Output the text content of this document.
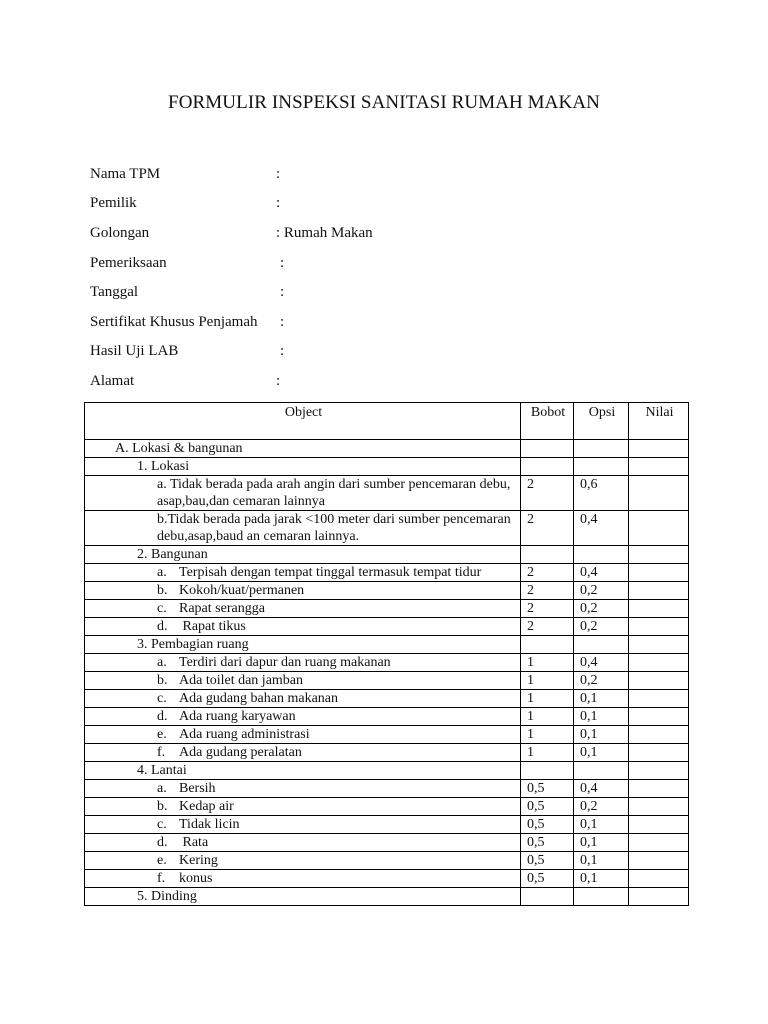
FORMULIR INSPEKSI SANITASI RUMAH MAKAN
Nama TPM	:
Pemilik	:
Golongan	: Rumah Makan
Pemeriksaan	:
Tanggal	:
Sertifikat Khusus Penjamah :
Hasil Uji LAB	:
Alamat	:
Object	Bobot	Opsi	Nilai
A. Lokasi & bangunan			
1. Lokasi			
a. Tidak berada pada arah angin dari sumber pencemaran debu, asap,bau,dan cemaran lainnya	2	0,6	
b.Tidak berada pada jarak <100 meter dari sumber pencemaran debu,asap,baud an cemaran lainnya.	2	0,4	
2. Bangunan			
a. Terpisah dengan tempat tinggal termasuk tempat tidur	2	0,4	
b. Kokoh/kuat/permanen	2	0,2	
c. Rapat serangga	2	0,2	
d. Rapat tikus	2	0,2	
3. Pembagian ruang			
a. Terdiri dari dapur dan ruang makanan	1	0,4	
b. Ada toilet dan jamban	1	0,2	
c. Ada gudang bahan makanan	1	0,1	
d. Ada ruang karyawan	1	0,1	
e. Ada ruang administrasi	1	0,1	
f. Ada gudang peralatan	1	0,1	
4. Lantai			
a. Bersih	0,5	0,4	
b. Kedap air	0,5	0,2	
c. Tidak licin	0,5	0,1	
d. Rata	0,5	0,1	
e. Kering	0,5	0,1	
f. konus	0,5	0,1	
5. Dinding			
